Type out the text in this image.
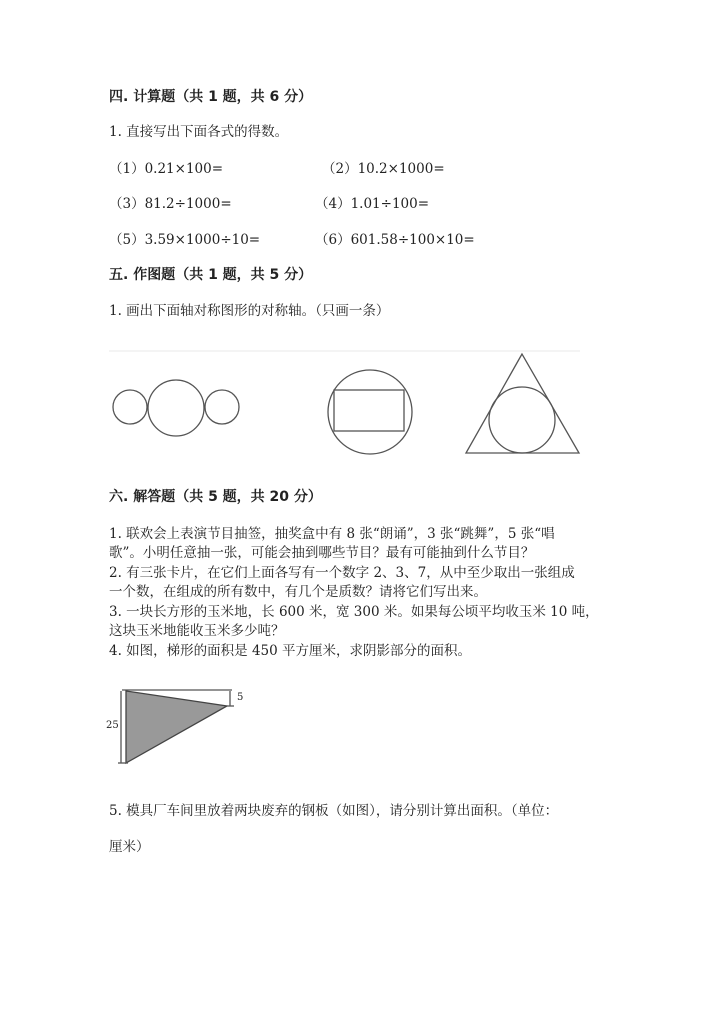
四. 计算题（共 1 题，共 6 分）
1. 直接写出下面各式的得数。
（1）0.21×100=	（2）10.2×1000=
（3）81.2÷1000=	（4）1.01÷100=
（5）3.59×1000÷10=	（6）601.58÷100×10=
五. 作图题（共 1 题，共 5 分）
1. 画出下面轴对称图形的对称轴。（只画一条）
25
5
六. 解答题（共 5 题，共 20 分）
1. 联欢会上表演节目抽签，抽奖盒中有 8 张“朗诵”，3 张“跳舞”，5 张“唱
歌”。小明任意抽一张，可能会抽到哪些节目？最有可能抽到什么节目？
2. 有三张卡片，在它们上面各写有一个数字 2、3、7，从中至少取出一张组成
一个数，在组成的所有数中，有几个是质数？请将它们写出来。
3. 一块长方形的玉米地，长 600 米，宽 300 米。如果每公顷平均收玉米 10 吨，
这块玉米地能收玉米多少吨？
4. 如图，梯形的面积是 450 平方厘米，求阴影部分的面积。
5. 模具厂车间里放着两块废弃的钢板（如图），请分别计算出面积。（单位：
厘米）
